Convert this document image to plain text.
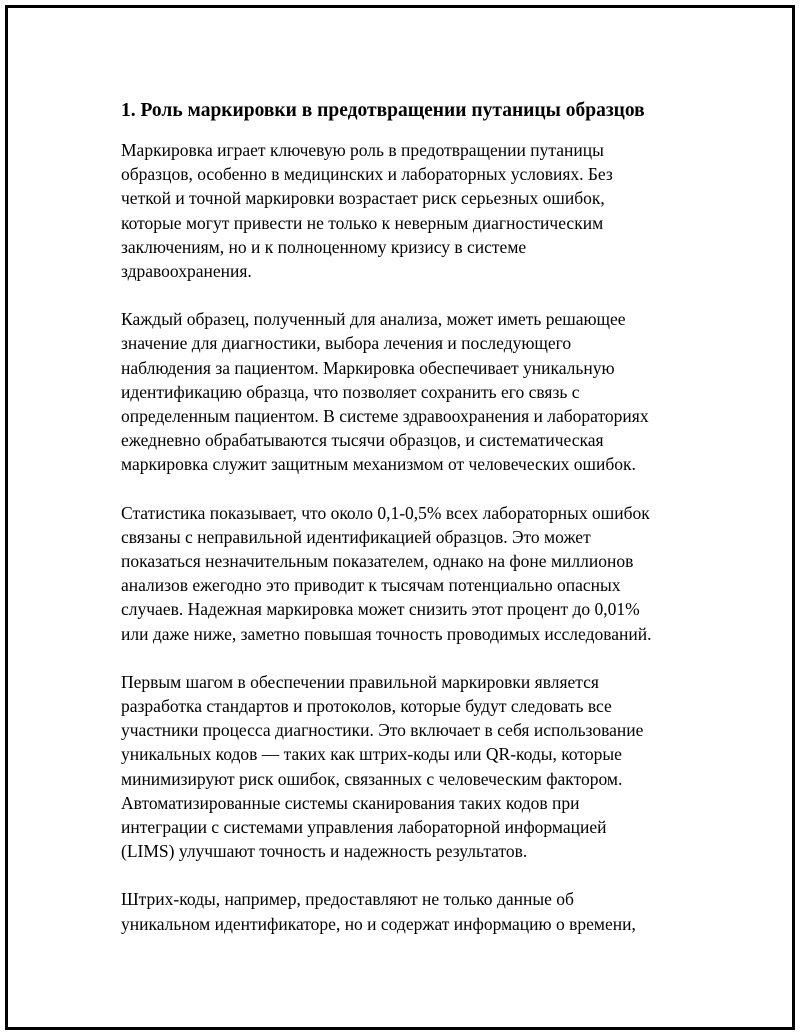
1. Роль маркировки в предотвращении путаницы образцов

Маркировка играет ключевую роль в предотвращении путаницы
образцов, особенно в медицинских и лабораторных условиях. Без
четкой и точной маркировки возрастает риск серьезных ошибок,
которые могут привести не только к неверным диагностическим
заключениям, но и к полноценному кризису в системе
здравоохранения.

Каждый образец, полученный для анализа, может иметь решающее
значение для диагностики, выбора лечения и последующего
наблюдения за пациентом. Маркировка обеспечивает уникальную
идентификацию образца, что позволяет сохранить его связь с
определенным пациентом. В системе здравоохранения и лабораториях
ежедневно обрабатываются тысячи образцов, и систематическая
маркировка служит защитным механизмом от человеческих ошибок.

Статистика показывает, что около 0,1-0,5% всех лабораторных ошибок
связаны с неправильной идентификацией образцов. Это может
показаться незначительным показателем, однако на фоне миллионов
анализов ежегодно это приводит к тысячам потенциально опасных
случаев. Надежная маркировка может снизить этот процент до 0,01%
или даже ниже, заметно повышая точность проводимых исследований.

Первым шагом в обеспечении правильной маркировки является
разработка стандартов и протоколов, которые будут следовать все
участники процесса диагностики. Это включает в себя использование
уникальных кодов — таких как штрих-коды или QR-коды, которые
минимизируют риск ошибок, связанных с человеческим фактором.
Автоматизированные системы сканирования таких кодов при
интеграции с системами управления лабораторной информацией
(LIMS) улучшают точность и надежность результатов.

Штрих-коды, например, предоставляют не только данные об
уникальном идентификаторе, но и содержат информацию о времени,
